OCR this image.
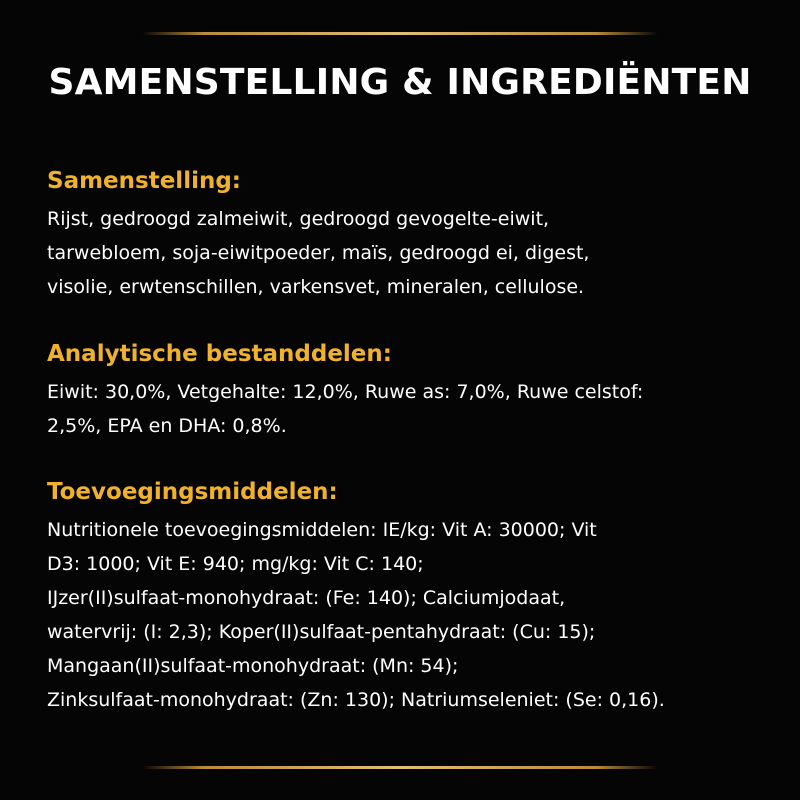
SAMENSTELLING & INGREDIËNTEN
Samenstelling:

Rijst, gedroogd zalmeiwit, gedroogd gevogelte-eiwit,
tarwebloem, soja-eiwitpoeder, maïs, gedroogd ei, digest,
visolie, erwtenschillen, varkensvet, mineralen, cellulose.

Analytische bestanddelen:

Eiwit: 30,0%, Vetgehalte: 12,0%, Ruwe as: 7,0%, Ruwe celstof:
2,5%, EPA en DHA: 0,8%.

Toevoegingsmiddelen:

Nutritionele toevoegingsmiddelen: IE/kg: Vit A: 30000; Vit
D3: 1000; Vit E: 940; mg/kg: Vit C: 140;
IJzer(II)sulfaat-monohydraat: (Fe: 140); Calciumjodaat,
watervrij: (I: 2,3); Koper(II)sulfaat-pentahydraat: (Cu: 15);
Mangaan(II)sulfaat-monohydraat: (Mn: 54);
Zinksulfaat-monohydraat: (Zn: 130); Natriumseleniet: (Se: 0,16).
